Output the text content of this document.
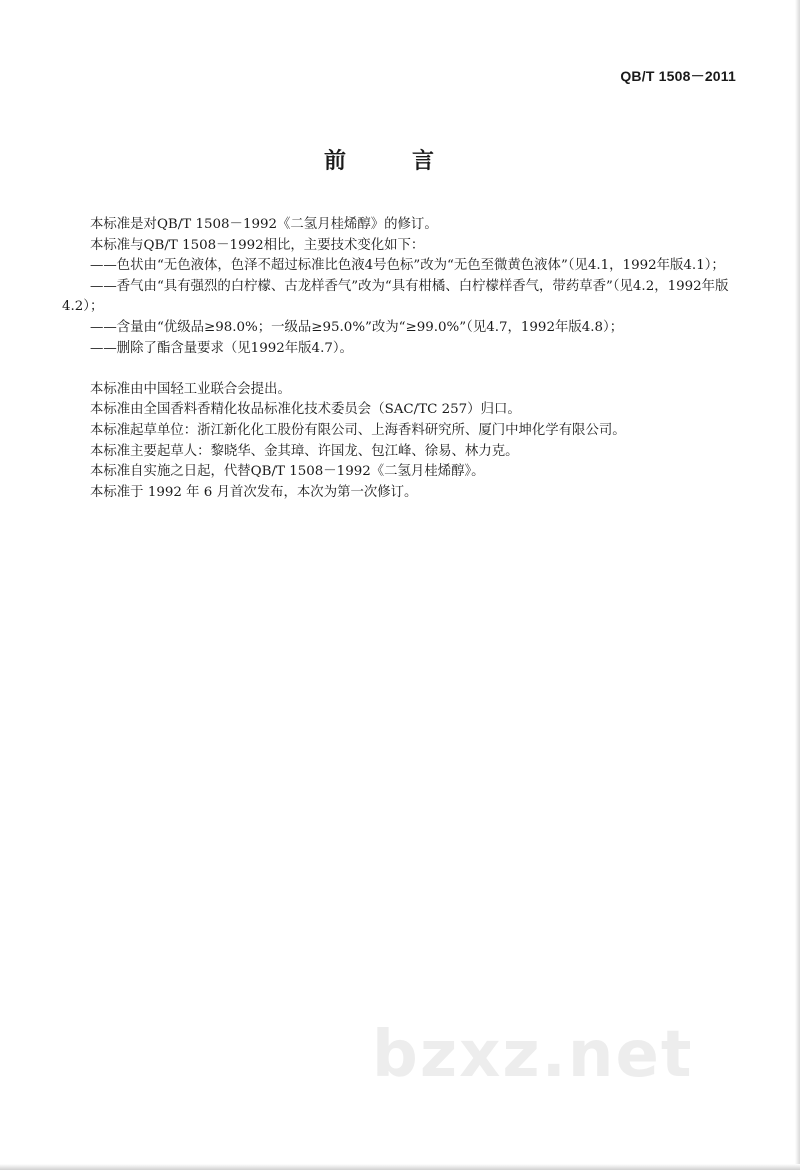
QB/T 1508－2011
前　言

本标准是对QB/T 1508－1992《二氢月桂烯醇》的修订。

本标准与QB/T 1508－1992相比，主要技术变化如下：

——色状由“无色液体，色泽不超过标准比色液4号色标”改为“无色至微黄色液体”（见4.1，1992年版4.1）；

——香气由“具有强烈的白柠檬、古龙样香气”改为“具有柑橘、白柠檬样香气，带药草香”（见4.2，1992年版4.2）；

——含量由“优级品≥98.0%；一级品≥95.0%”改为“≥99.0%”（见4.7，1992年版4.8）；

——删除了酯含量要求（见1992年版4.7）。

本标准由中国轻工业联合会提出。

本标准由全国香料香精化妆品标准化技术委员会（SAC/TC 257）归口。

本标准起草单位：浙江新化化工股份有限公司、上海香料研究所、厦门中坤化学有限公司。

本标准主要起草人：黎晓华、金其璋、许国龙、包江峰、徐易、林力克。

本标准自实施之日起，代替QB/T 1508－1992《二氢月桂烯醇》。

本标准于 1992 年 6 月首次发布，本次为第一次修订。

bzxz.net
